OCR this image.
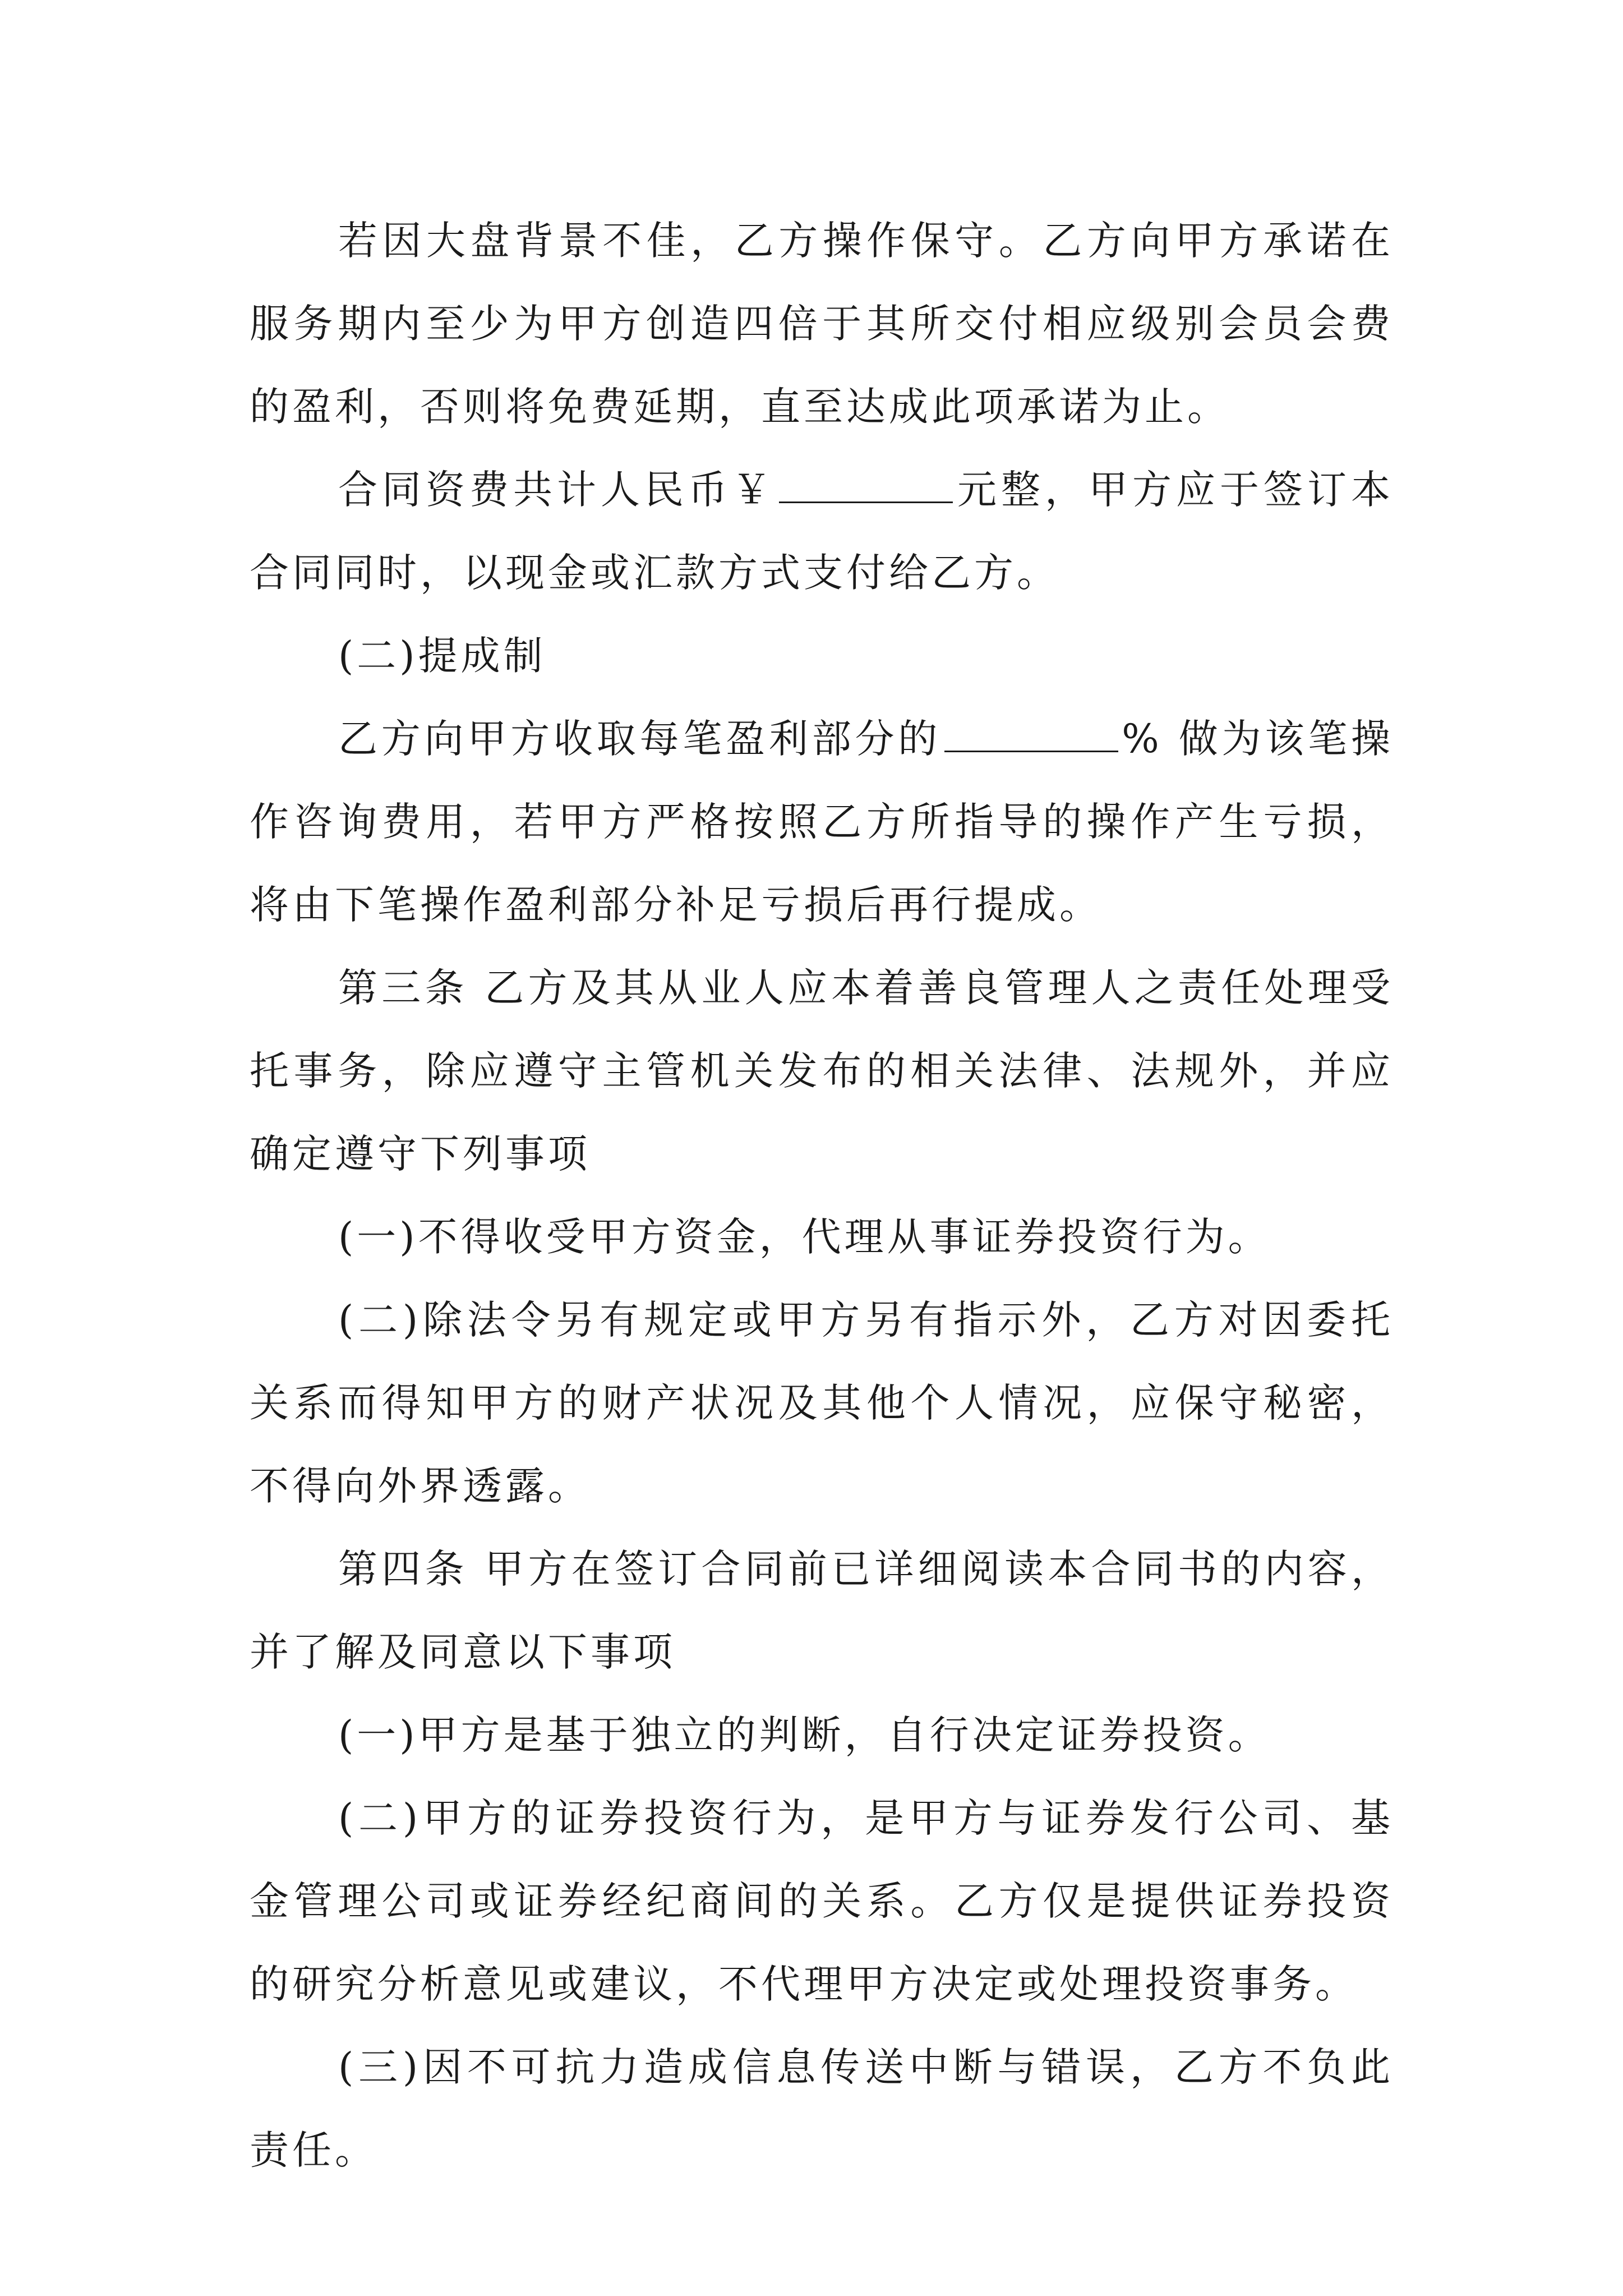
若因大盘背景不佳，乙方操作保守。乙方向甲方承诺在服务期内至少为甲方创造四倍于其所交付相应级别会员会费的盈利，否则将免费延期，直至达成此项承诺为止。

合同资费共计人民币￥	元整，甲方应于签订本合同同时，以现金或汇款方式支付给乙方。

(二)提成制

乙方向甲方收取每笔盈利部分的	% 做为该笔操作咨询费用，若甲方严格按照乙方所指导的操作产生亏损，将由下笔操作盈利部分补足亏损后再行提成。

第三条 乙方及其从业人应本着善良管理人之责任处理受托事务，除应遵守主管机关发布的相关法律、法规外，并应确定遵守下列事项

(一)不得收受甲方资金，代理从事证券投资行为。

(二)除法令另有规定或甲方另有指示外，乙方对因委托关系而得知甲方的财产状况及其他个人情况，应保守秘密，不得向外界透露。

第四条 甲方在签订合同前已详细阅读本合同书的内容，并了解及同意以下事项

(一)甲方是基于独立的判断，自行决定证券投资。

(二)甲方的证券投资行为，是甲方与证券发行公司、基金管理公司或证券经纪商间的关系。乙方仅是提供证券投资的研究分析意见或建议，不代理甲方决定或处理投资事务。

(三)因不可抗力造成信息传送中断与错误，乙方不负此责任。
